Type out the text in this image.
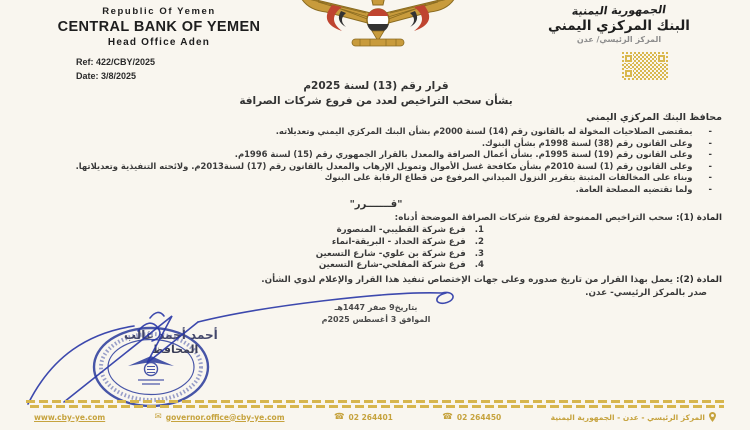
Republic Of Yemen
CENTRAL BANK OF YEMEN
Head Office Aden
Ref: 422/CBY/2025
Date: 3/8/2025
الجمهورية اليمنية
البنك المركزي اليمني
المركز الرئيسي/ عدن
قرار رقم (13) لسنة 2025م
بشأن سحب التراخيص لعدد من فروع شركات الصرافة
محافظ البنك المركزي اليمني
-
بمقتضى الصلاحيات المخولة له بالقانون رقم (14) لسنة 2000م بشأن البنك المركزي اليمني وتعديلاته.
-
وعلى القانون رقم (38) لسنة 1998م بشأن البنوك.
-
وعلى القانون رقم (19) لسنة 1995م. بشأن أعمال الصرافة والمعدل بالقرار الجمهوري رقم (15) لسنة 1996م.
-
وعلى القانون رقم (1) لسنة 2010م بشأن مكافحة غسل الأموال وتمويل الإرهاب والمعدل بالقانون رقم (17) لسنة2013م. ولائحته التنفيذية وتعديلاتها.
-
وبناء على المخالفات المثبتة بتقرير النزول الميداني المرفوع من قطاع الرقابة على البنوك
-
ولما تقتضيه المصلحة العامة.
"قـــــــرر"
المادة (1): سحب التراخيص الممنوحة لفروع شركات الصرافة الموضحة أدناه:
1.
فرع شركة القطيبي- المنصورة
2.
فرع شركة الحداد - البريقة-انماء
3.
فرع شركة بن علوي- شارع التسعين
4.
فرع شركة المفلحي-شارع التسعين
المادة (2): يعمل بهذا القرار من تاريخ صدوره وعلى جهات الإختصاص تنفيذ هذا القرار والإعلام لذوي الشأن.
صدر بالمركز الرئيسي- عدن.
بتاريخ9 صفر 1447هـ
الموافق 3 أغسطس 2025م
أحمد أحمد غالب
المحافظ
www.cby-ye.com	✉ governor.office@cby-ye.com	☎ 02 264401	☎ 02 264450	المركز الرئيسي - عدن - الجمهورية اليمنية
